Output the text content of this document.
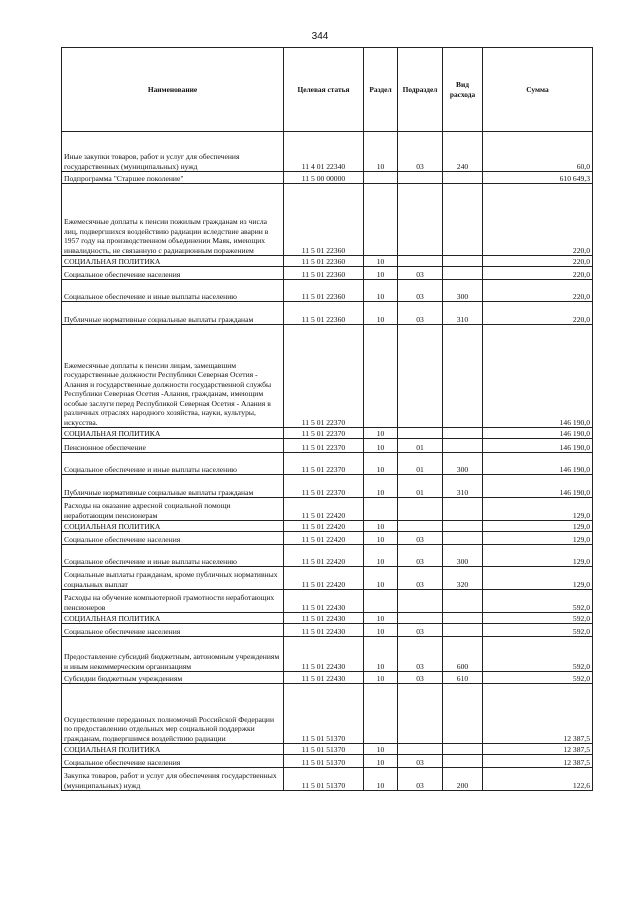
344
Наименование	Целевая статья	Раздел	Подраздел	Вид расхода	Сумма
Иные закупки товаров, работ и услуг для обеспечения государственных (муниципальных) нужд	11 4 01 22340	10	03	240	60,0
Подпрограмма "Старшее поколение"	11 5 00 00000				610 649,3
Ежемесячные доплаты к пенсии пожилым гражданам из числа лиц, подвергшихся воздействию радиации вследствие аварии в 1957 году на производственном объединении Маяк, имеющих инвалидность, не связанную с радиационным поражением	11 5 01 22360				220,0
СОЦИАЛЬНАЯ ПОЛИТИКА	11 5 01 22360	10			220,0
Социальное обеспечение населения	11 5 01 22360	10	03		220,0
Социальное обеспечение и иные выплаты населению	11 5 01 22360	10	03	300	220,0
Публичные нормативные социальные выплаты гражданам	11 5 01 22360	10	03	310	220,0
Ежемесячные доплаты к пенсии лицам, замещавшим государственные должности Республики Северная Осетия - Алания и государственные должности государственной службы Республики Северная Осетия -Алания, гражданам, имеющим особые заслуги перед Республикой Северная Осетия - Алания в различных отраслях народного хозяйства, науки, культуры, искусства.	11 5 01 22370				146 190,0
СОЦИАЛЬНАЯ ПОЛИТИКА	11 5 01 22370	10			146 190,0
Пенсионное обеспечение	11 5 01 22370	10	01		146 190,0
Социальное обеспечение и иные выплаты населению	11 5 01 22370	10	01	300	146 190,0
Публичные нормативные социальные выплаты гражданам	11 5 01 22370	10	01	310	146 190,0
Расходы на оказание адресной социальной помощи неработающим пенсионерам	11 5 01 22420				129,0
СОЦИАЛЬНАЯ ПОЛИТИКА	11 5 01 22420	10			129,0
Социальное обеспечение населения	11 5 01 22420	10	03		129,0
Социальное обеспечение и иные выплаты населению	11 5 01 22420	10	03	300	129,0
Социальные выплаты гражданам, кроме публичных нормативных социальных выплат	11 5 01 22420	10	03	320	129,0
Расходы на обучение компьютерной грамотности неработающих пенсионеров	11 5 01 22430				592,0
СОЦИАЛЬНАЯ ПОЛИТИКА	11 5 01 22430	10			592,0
Социальное обеспечение населения	11 5 01 22430	10	03		592,0
Предоставление субсидий бюджетным, автономным учреждениям и иным некоммерческим организациям	11 5 01 22430	10	03	600	592,0
Субсидии бюджетным учреждениям	11 5 01 22430	10	03	610	592,0
Осуществление переданных полномочий Российской Федерации по предоставлению отдельных мер социальной поддержки гражданам, подвергшимся воздействию радиации	11 5 01 51370				12 387,5
СОЦИАЛЬНАЯ ПОЛИТИКА	11 5 01 51370	10			12 387,5
Социальное обеспечение населения	11 5 01 51370	10	03		12 387,5
Закупка товаров, работ и услуг для обеспечения государственных (муниципальных) нужд	11 5 01 51370	10	03	200	122,6
